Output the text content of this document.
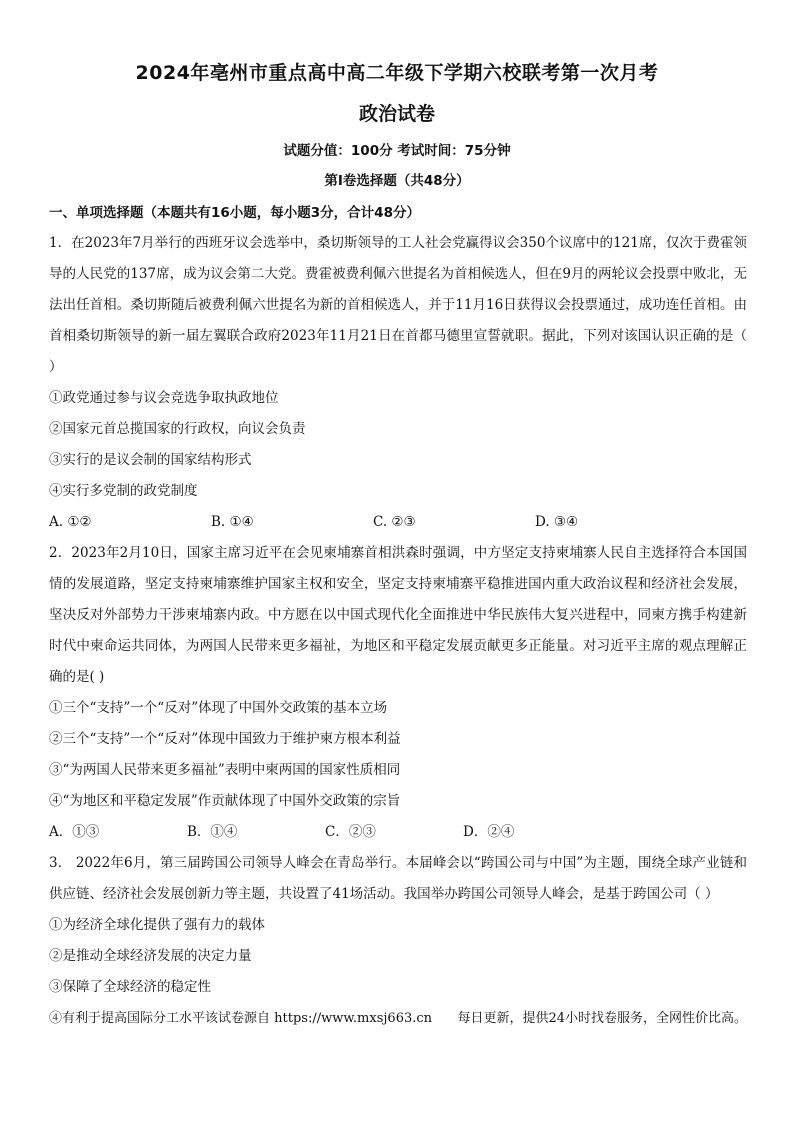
2024年亳州市重点高中高二年级下学期六校联考第一次月考
政治试卷
试题分值：100分 考试时间：75分钟
第Ⅰ卷选择题（共48分）
一、单项选择题（本题共有16小题，每小题3分，合计48分）

1．在2023年7月举行的西班牙议会选举中，桑切斯领导的工人社会党赢得议会350个议席中的121席，仅次于费霍领导的人民党的137席，成为议会第二大党。费霍被费利佩六世提名为首相候选人，但在9月的两轮议会投票中败北，无法出任首相。桑切斯随后被费利佩六世提名为新的首相候选人，并于11月16日获得议会投票通过，成功连任首相。由首相桑切斯领导的新一届左翼联合政府2023年11月21日在首都马德里宣誓就职。据此，下列对该国认识正确的是（ ）

①政党通过参与议会竞选争取执政地位

②国家元首总揽国家的行政权，向议会负责

③实行的是议会制的国家结构形式

④实行多党制的政党制度

A. ①②	B. ①④	C. ②③	D. ③④

2．2023年2月10日，国家主席习近平在会见柬埔寨首相洪森时强调，中方坚定支持柬埔寨人民自主选择符合本国国情的发展道路，坚定支持柬埔寨维护国家主权和安全，坚定支持柬埔寨平稳推进国内重大政治议程和经济社会发展，坚决反对外部势力干涉柬埔寨内政。中方愿在以中国式现代化全面推进中华民族伟大复兴进程中，同柬方携手构建新时代中柬命运共同体，为两国人民带来更多福祉，为地区和平稳定发展贡献更多正能量。对习近平主席的观点理解正确的是( )

①三个“支持”一个“反对”体现了中国外交政策的基本立场

②三个“支持”一个“反对”体现中国致力于维护柬方根本利益

③“为两国人民带来更多福祉”表明中柬两国的国家性质相同

④“为地区和平稳定发展”作贡献体现了中国外交政策的宗旨

A．①③	B．①④	C．②③	D．②④

3． 2022年6月，第三届跨国公司领导人峰会在青岛举行。本届峰会以“跨国公司与中国”为主题，围绕全球产业链和供应链、经济社会发展创新力等主题，共设置了41场活动。我国举办跨国公司领导人峰会，是基于跨国公司（ ）

①为经济全球化提供了强有力的载体

②是推动全球经济发展的决定力量

③保障了全球经济的稳定性

④有利于提高国际分工水平该试卷源自 https://www.mxsj663.cn 每日更新，提供24小时找卷服务，全网性价比高。
